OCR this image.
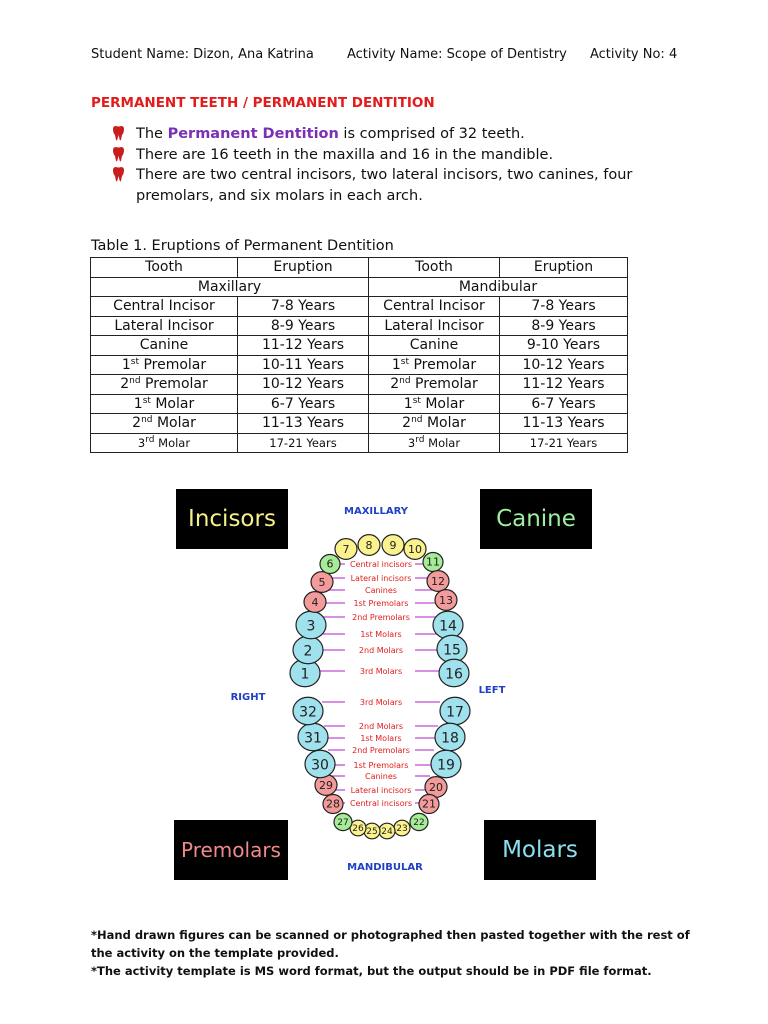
Student Name: Dizon, Ana Katrina	Activity Name: Scope of Dentistry	Activity No: 4
PERMANENT TEETH / PERMANENT DENTITION
The Permanent Dentition is comprised of 32 teeth.
There are 16 teeth in the maxilla and 16 in the mandible.
There are two central incisors, two lateral incisors, two canines, four premolars, and six molars in each arch.
Table 1. Eruptions of Permanent Dentition
Tooth	Eruption	Tooth	Eruption
Maxillary		Mandibular	
Central Incisor	7-8 Years	Central Incisor	7-8 Years
Lateral Incisor	8-9 Years	Lateral Incisor	8-9 Years
Canine	11-12 Years	Canine	9-10 Years
1st Premolar	10-11 Years	1st Premolar	10-12 Years
2nd Premolar	10-12 Years	2nd Premolar	11-12 Years
1st Molar	6-7 Years	1st Molar	6-7 Years
2nd Molar	11-13 Years	2nd Molar	11-13 Years
3rd Molar	17-21 Years	3rd Molar	17-21 Years
Incisors	Canine
Premolars	Molars
1
2
3
4
5
6
7 8 9 10
11
12
13
14
15
16
17
18
19
20
21
22
23
24
25
26
27
28
29
30
31
32
Central incisors
Lateral incisors
Canines
1st Premolars
2nd Premolars
1st Molars
2nd Molars
3rd Molars
3rd Molars
2nd Molars
1st Molars
2nd Premolars
1st Premolars
Canines
Lateral incisors
Central incisors
MAXILLARY
MANDIBULAR
RIGHT
LEFT
*Hand drawn figures can be scanned or photographed then pasted together with the rest of the activity on the template provided.
*The activity template is MS word format, but the output should be in PDF file format.
